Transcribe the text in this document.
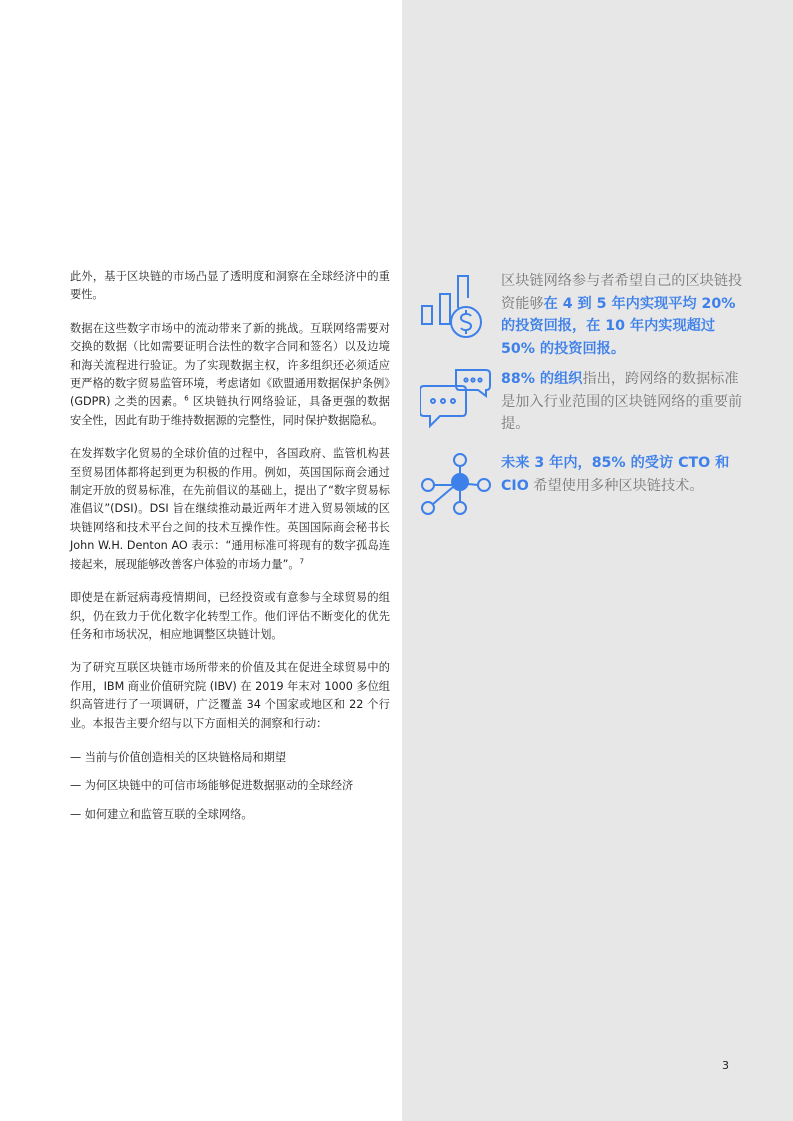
此外，基于区块链的市场凸显了透明度和洞察在全球经济中的重要性。

数据在这些数字市场中的流动带来了新的挑战。互联网络需要对交换的数据（比如需要证明合法性的数字合同和签名）以及边境和海关流程进行验证。为了实现数据主权，许多组织还必须适应更严格的数字贸易监管环境，考虑诸如《欧盟通用数据保护条例》(GDPR) 之类的因素。$^6$ 区块链执行网络验证，具备更强的数据安全性，因此有助于维持数据源的完整性，同时保护数据隐私。

在发挥数字化贸易的全球价值的过程中，各国政府、监管机构甚至贸易团体都将起到更为积极的作用。例如，英国国际商会通过制定开放的贸易标准，在先前倡议的基础上，提出了“数字贸易标准倡议”(DSI)。DSI 旨在继续推动最近两年才进入贸易领域的区块链网络和技术平台之间的技术互操作性。英国国际商会秘书长 John W.H. Denton AO 表示：“通用标准可将现有的数字孤岛连接起来，展现能够改善客户体验的市场力量”。$^7$

即使是在新冠病毒疫情期间，已经投资或有意参与全球贸易的组织，仍在致力于优化数字化转型工作。他们评估不断变化的优先任务和市场状况，相应地调整区块链计划。

为了研究互联区块链市场所带来的价值及其在促进全球贸易中的作用，IBM 商业价值研究院 (IBV) 在 2019 年末对 1000 多位组织高管进行了一项调研，广泛覆盖 34 个国家或地区和 22 个行业。本报告主要介绍与以下方面相关的洞察和行动：

— 当前与价值创造相关的区块链格局和期望
— 为何区块链中的可信市场能够促进数据驱动的全球经济
— 如何建立和监管互联的全球网络。
区块链网络参与者希望自己的区块链投资能够在 4 到 5 年内实现平均 20% 的投资回报，在 10 年内实现超过 50% 的投资回报。
88% 的组织指出，跨网络的数据标准是加入行业范围的区块链网络的重要前提。
未来 3 年内，85% 的受访 CTO 和 CIO 希望使用多种区块链技术。
3
